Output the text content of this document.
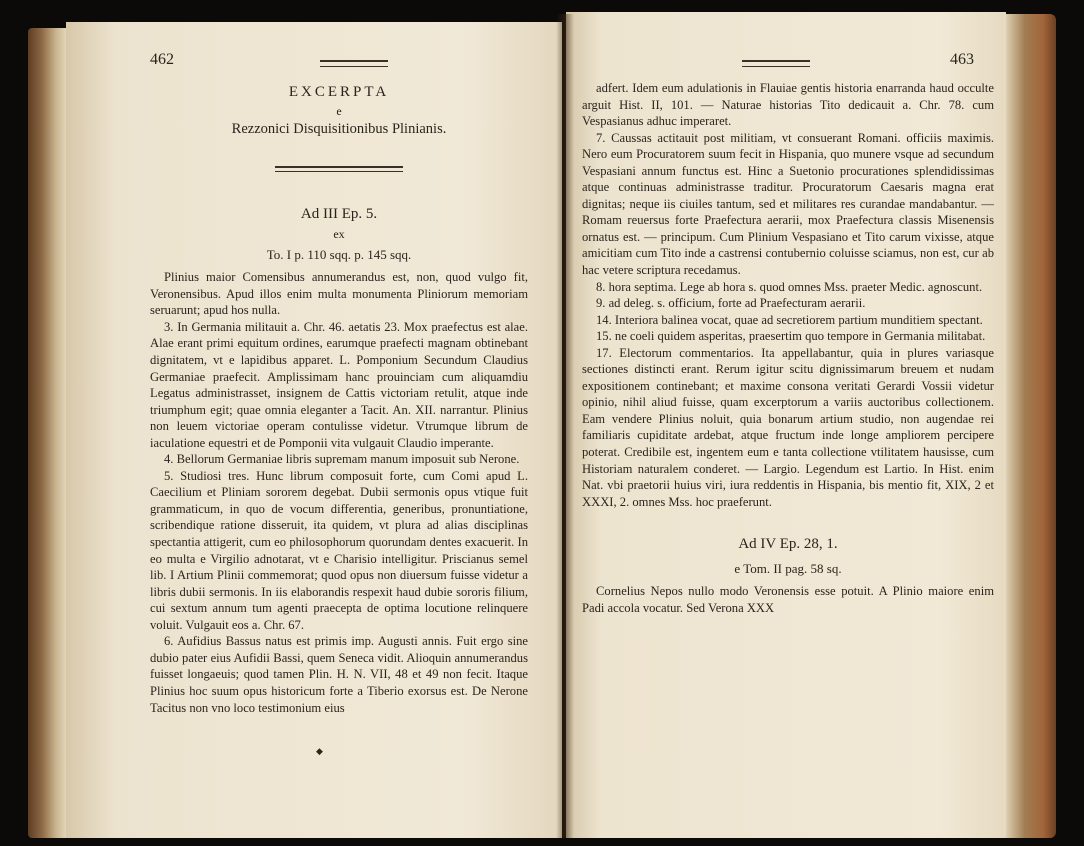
462
EXCERPTA
e
Rezzonici Disquisitionibus Plinianis.
Ad III Ep. 5.
ex
To. I p. 110 sqq. p. 145 sqq.

Plinius maior Comensibus annumerandus est, non, quod vulgo fit, Veronensibus. Apud illos enim multa monumenta Pliniorum memoriam seruarunt; apud hos nulla.

3. In Germania militauit a. Chr. 46. aetatis 23. Mox praefectus est alae. Alae erant primi equitum ordines, earumque praefecti magnam obtinebant dignitatem, vt e lapidibus apparet. L. Pomponium Secundum Claudius Germaniae praefecit. Amplissimam hanc prouinciam cum aliquamdiu Legatus administrasset, insignem de Cattis victoriam retulit, atque inde triumphum egit; quae omnia eleganter a Tacit. An. XII. narrantur. Plinius non leuem victoriae operam contulisse videtur. Vtrumque librum de iaculatione equestri et de Pomponii vita vulgauit Claudio imperante.

4. Bellorum Germaniae libris supremam manum imposuit sub Nerone.

5. Studiosi tres. Hunc librum composuit forte, cum Comi apud L. Caecilium et Pliniam sororem degebat. Dubii sermonis opus vtique fuit grammaticum, in quo de vocum differentia, generibus, pronuntiatione, scribendique ratione disseruit, ita quidem, vt plura ad alias disciplinas spectantia attigerit, cum eo philosophorum quorundam dentes exacuerit. In eo multa e Virgilio adnotarat, vt e Charisio intelligitur. Priscianus semel lib. I Artium Plinii commemorat; quod opus non diuersum fuisse videtur a libris dubii sermonis. In iis elaborandis respexit haud dubie sororis filium, cui sextum annum tum agenti praecepta de optima locutione relinquere voluit. Vulgauit eos a. Chr. 67.

6. Aufidius Bassus natus est primis imp. Augusti annis. Fuit ergo sine dubio pater eius Aufidii Bassi, quem Seneca vidit. Alioquin annumerandus fuisset longaeuis; quod tamen Plin. H. N. VII, 48 et 49 non fecit. Itaque Plinius hoc suum opus historicum forte a Tiberio exorsus est. De Nerone Tacitus non vno loco testimonium eius

◆
463

adfert. Idem eum adulationis in Flauiae gentis historia enarranda haud occulte arguit Hist. II, 101. — Naturae historias Tito dedicauit a. Chr. 78. cum Vespasianus adhuc imperaret.

7. Caussas actitauit post militiam, vt consuerant Romani. officiis maximis. Nero eum Procuratorem suum fecit in Hispania, quo munere vsque ad secundum Vespasiani annum functus est. Hinc a Suetonio procurationes splendidissimas atque continuas administrasse traditur. Procuratorum Caesaris magna erat dignitas; neque iis ciuiles tantum, sed et militares res curandae mandabantur. — Romam reuersus forte Praefectura aerarii, mox Praefectura classis Misenensis ornatus est. — principum. Cum Plinium Vespasiano et Tito carum vixisse, atque amicitiam cum Tito inde a castrensi contubernio coluisse sciamus, non est, cur ab hac vetere scriptura recedamus.

8. hora septima. Lege ab hora s. quod omnes Mss. praeter Medic. agnoscunt.

9. ad deleg. s. officium, forte ad Praefecturam aerarii.

14. Interiora balinea vocat, quae ad secretiorem partium munditiem spectant.

15. ne coeli quidem asperitas, praesertim quo tempore in Germania militabat.

17. Electorum commentarios. Ita appellabantur, quia in plures variasque sectiones distincti erant. Rerum igitur scitu dignissimarum breuem et nudam expositionem continebant; et maxime consona veritati Gerardi Vossii videtur opinio, nihil aliud fuisse, quam excerptorum a variis auctoribus collectionem. Eam vendere Plinius noluit, quia bonarum artium studio, non augendae rei familiaris cupiditate ardebat, atque fructum inde longe ampliorem percipere poterat. Credibile est, ingentem eum e tanta collectione vtilitatem hausisse, cum Historiam naturalem conderet. — Largio. Legendum est Lartio. In Hist. enim Nat. vbi praetorii huius viri, iura reddentis in Hispania, bis mentio fit, XIX, 2 et XXXI, 2. omnes Mss. hoc praeferunt.

Ad IV Ep. 28, 1.
e Tom. II pag. 58 sq.

Cornelius Nepos nullo modo Veronensis esse potuit. A Plinio maiore enim Padi accola vocatur. Sed Verona XXX
